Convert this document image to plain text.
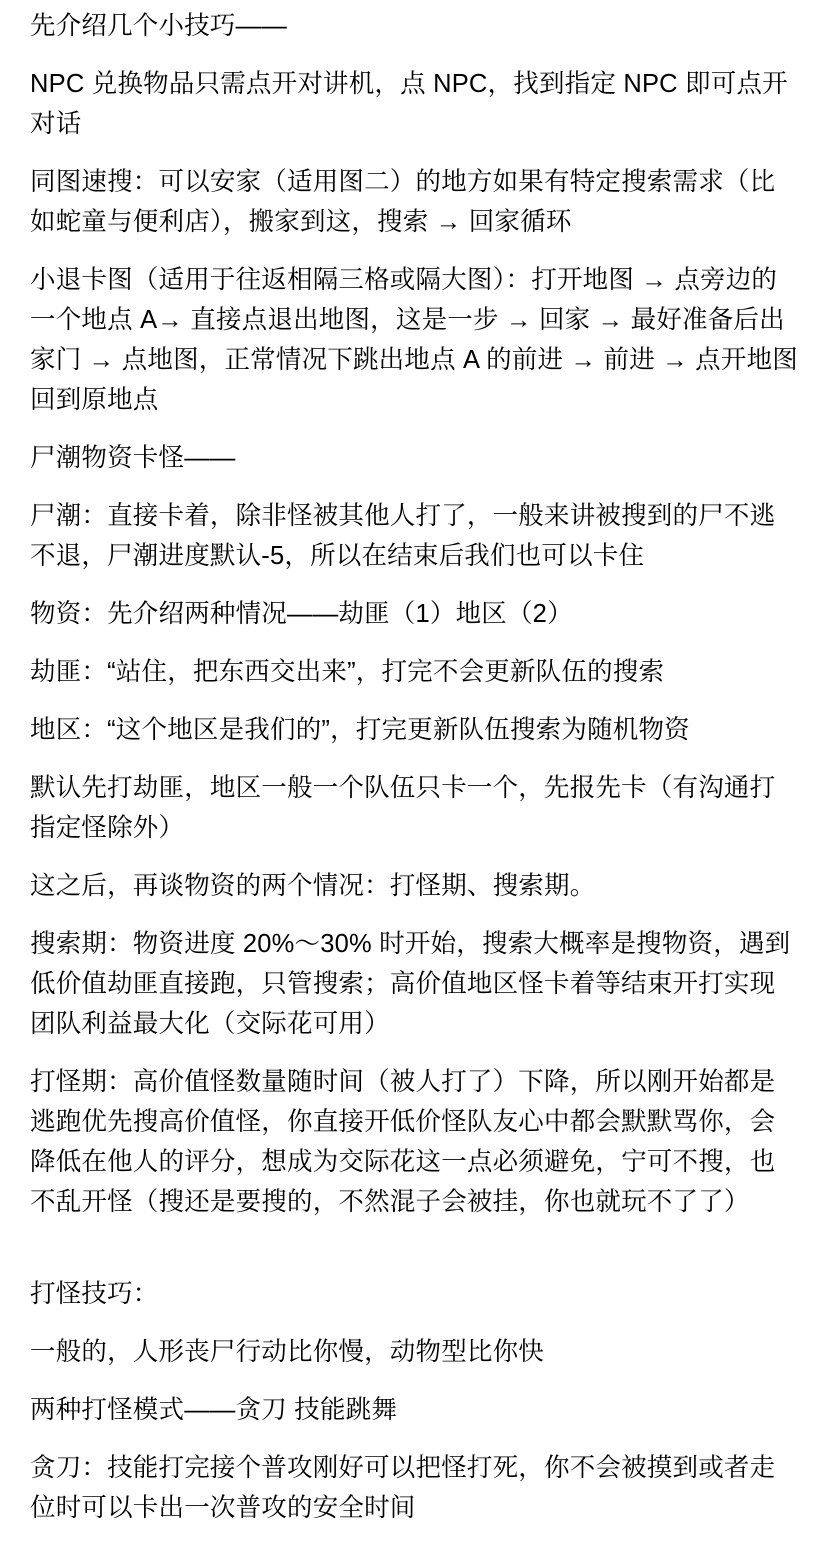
先介绍几个小技巧——

NPC 兑换物品只需点开对讲机，点 NPC，找到指定 NPC 即可点开对话

同图速搜：可以安家（适用图二）的地方如果有特定搜索需求（比如蛇童与便利店），搬家到这，搜索 → 回家循环

小退卡图（适用于往返相隔三格或隔大图）：打开地图 → 点旁边的一个地点 A→ 直接点退出地图，这是一步 → 回家 → 最好准备后出家门 → 点地图，正常情况下跳出地点 A 的前进 → 前进 → 点开地图回到原地点

尸潮物资卡怪——

尸潮：直接卡着，除非怪被其他人打了，一般来讲被搜到的尸不逃不退，尸潮进度默认-5，所以在结束后我们也可以卡住

物资：先介绍两种情况——劫匪（1）地区（2）

劫匪：“站住，把东西交出来”，打完不会更新队伍的搜索

地区：“这个地区是我们的”，打完更新队伍搜索为随机物资

默认先打劫匪，地区一般一个队伍只卡一个，先报先卡（有沟通打指定怪除外）

这之后，再谈物资的两个情况：打怪期、搜索期。

搜索期：物资进度 20%～30% 时开始，搜索大概率是搜物资，遇到低价值劫匪直接跑，只管搜索；高价值地区怪卡着等结束开打实现团队利益最大化（交际花可用）

打怪期：高价值怪数量随时间（被人打了）下降，所以刚开始都是逃跑优先搜高价值怪，你直接开低价怪队友心中都会默默骂你，会降低在他人的评分，想成为交际花这一点必须避免，宁可不搜，也不乱开怪（搜还是要搜的，不然混子会被挂，你也就玩不了了）

打怪技巧：

一般的，人形丧尸行动比你慢，动物型比你快

两种打怪模式——贪刀 技能跳舞

贪刀：技能打完接个普攻刚好可以把怪打死，你不会被摸到或者走位时可以卡出一次普攻的安全时间
